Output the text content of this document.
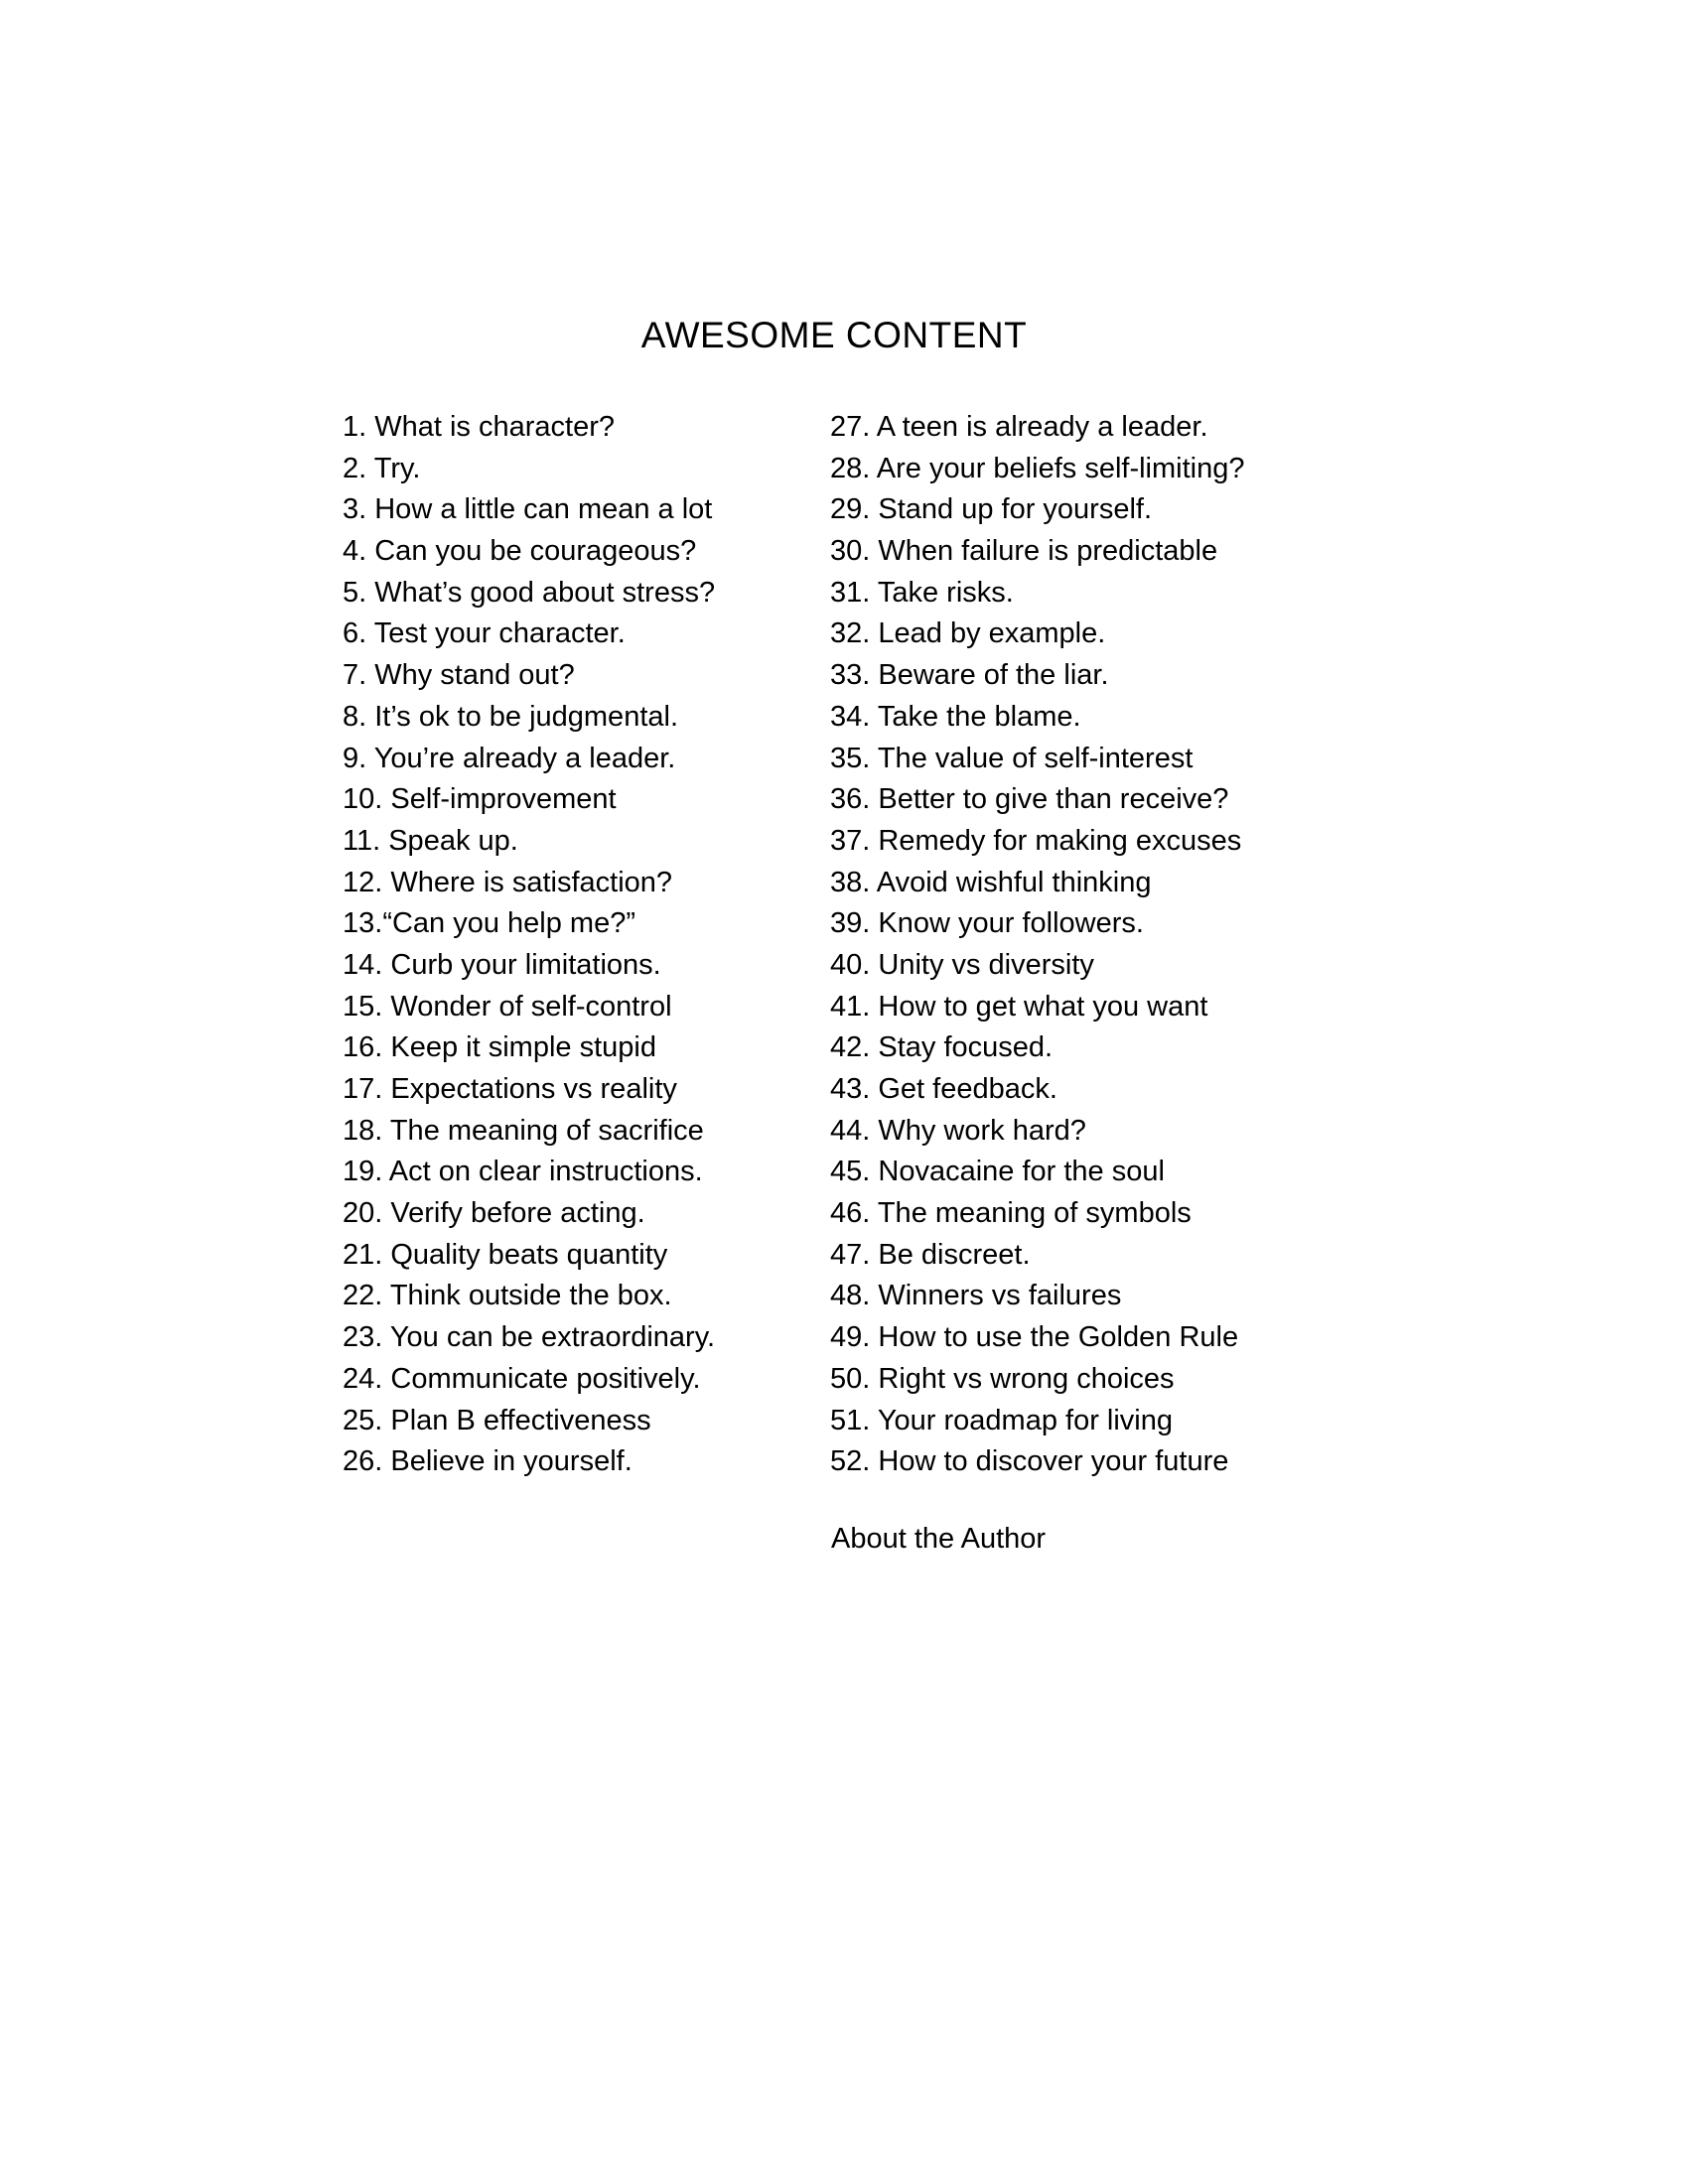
AWESOME CONTENT
1. What is character?
2. Try.
3. How a little can mean a lot
4. Can you be courageous?
5. What’s good about stress?
6. Test your character.
7. Why stand out?
8. It’s ok to be judgmental.
9. You’re already a leader.
10. Self-improvement
11. Speak up.
12. Where is satisfaction?
13.“Can you help me?”
14. Curb your limitations.
15. Wonder of self-control
16. Keep it simple stupid
17. Expectations vs reality
18. The meaning of sacrifice
19. Act on clear instructions.
20. Verify before acting.
21. Quality beats quantity
22. Think outside the box.
23. You can be extraordinary.
24. Communicate positively.
25. Plan B effectiveness
26. Believe in yourself.
27. A teen is already a leader.
28. Are your beliefs self-limiting?
29. Stand up for yourself.
30. When failure is predictable
31. Take risks.
32. Lead by example.
33. Beware of the liar.
34. Take the blame.
35. The value of self-interest
36. Better to give than receive?
37. Remedy for making excuses
38. Avoid wishful thinking
39. Know your followers.
40. Unity vs diversity
41. How to get what you want
42. Stay focused.
43. Get feedback.
44. Why work hard?
45. Novacaine for the soul
46. The meaning of symbols
47. Be discreet.
48. Winners vs failures
49. How to use the Golden Rule
50. Right vs wrong choices
51. Your roadmap for living
52. How to discover your future
About the Author
